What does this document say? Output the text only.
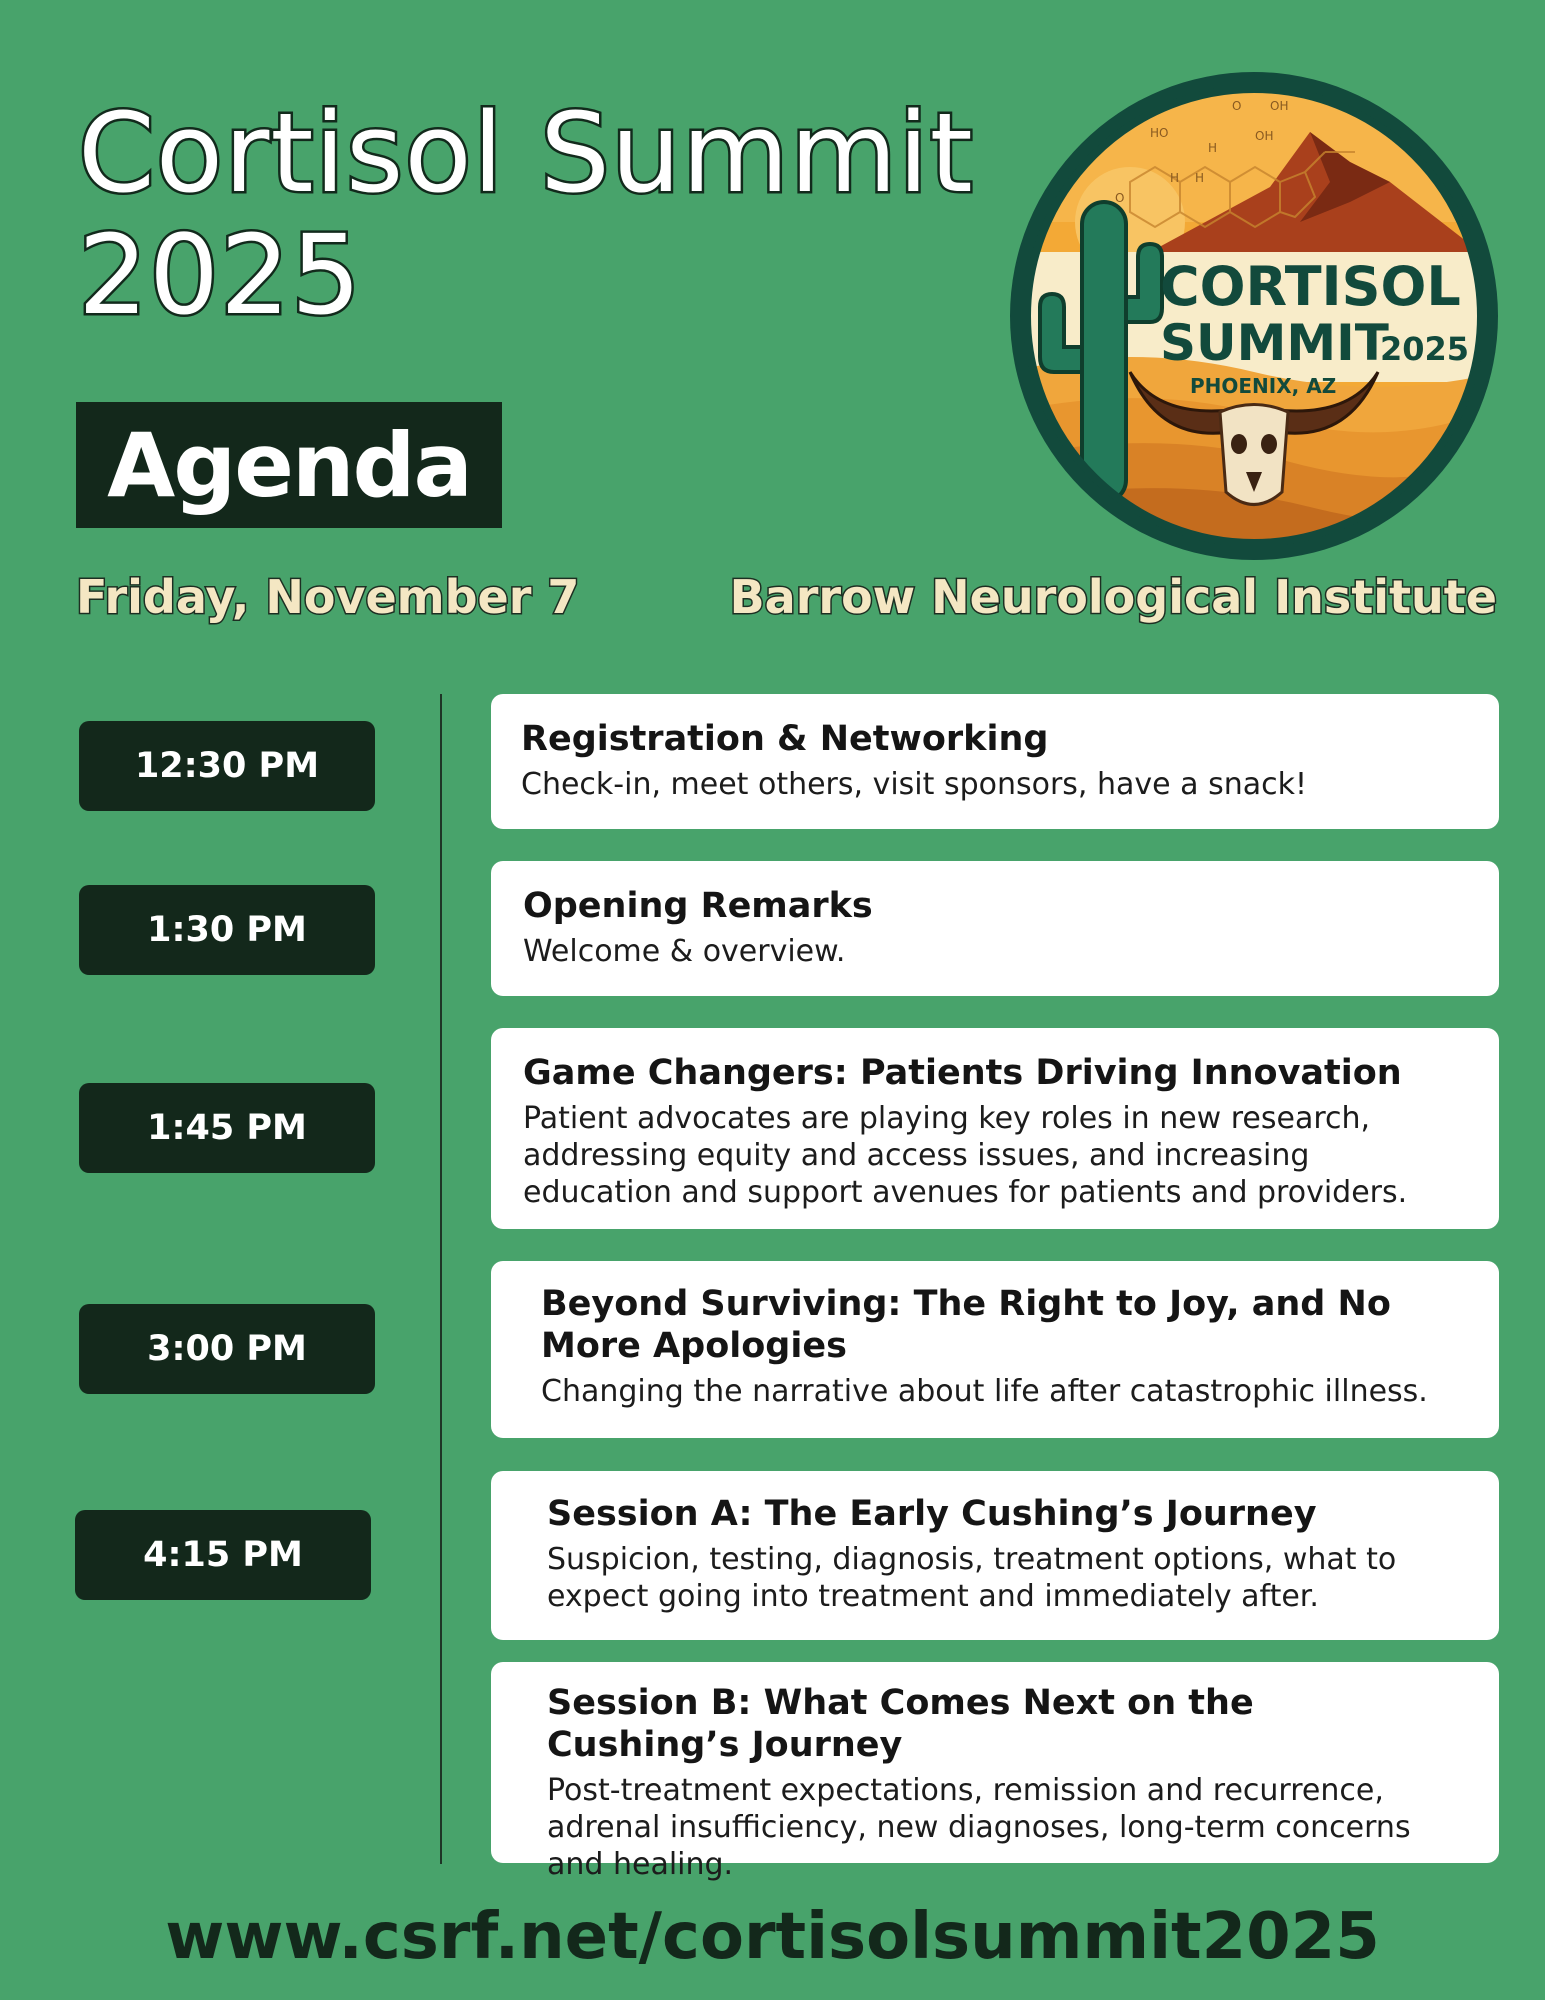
Cortisol Summit
2025
Agenda
Friday, November 7	Barrow Neurological Institute
HO
O OH
OH
H
H
H
O
CORTISOL
SUMMIT
2025
PHOENIX, AZ
12:30 PM
1:30 PM
1:45 PM
3:00 PM
4:15 PM
Registration & Networking

Check-in, meet others, visit sponsors, have a snack!

Opening Remarks

Welcome & overview.

Game Changers: Patients Driving Innovation

Patient advocates are playing key roles in new research, addressing equity and access issues, and increasing education and support avenues for patients and providers.

Beyond Surviving: The Right to Joy, and No More Apologies

Changing the narrative about life after catastrophic illness.

Session A: The Early Cushing’s Journey

Suspicion, testing, diagnosis, treatment options, what to expect going into treatment and immediately after.

Session B: What Comes Next on the Cushing’s Journey

Post-treatment expectations, remission and recurrence, adrenal insufficiency, new diagnoses, long-term concerns and healing.

www.csrf.net/cortisolsummit2025
